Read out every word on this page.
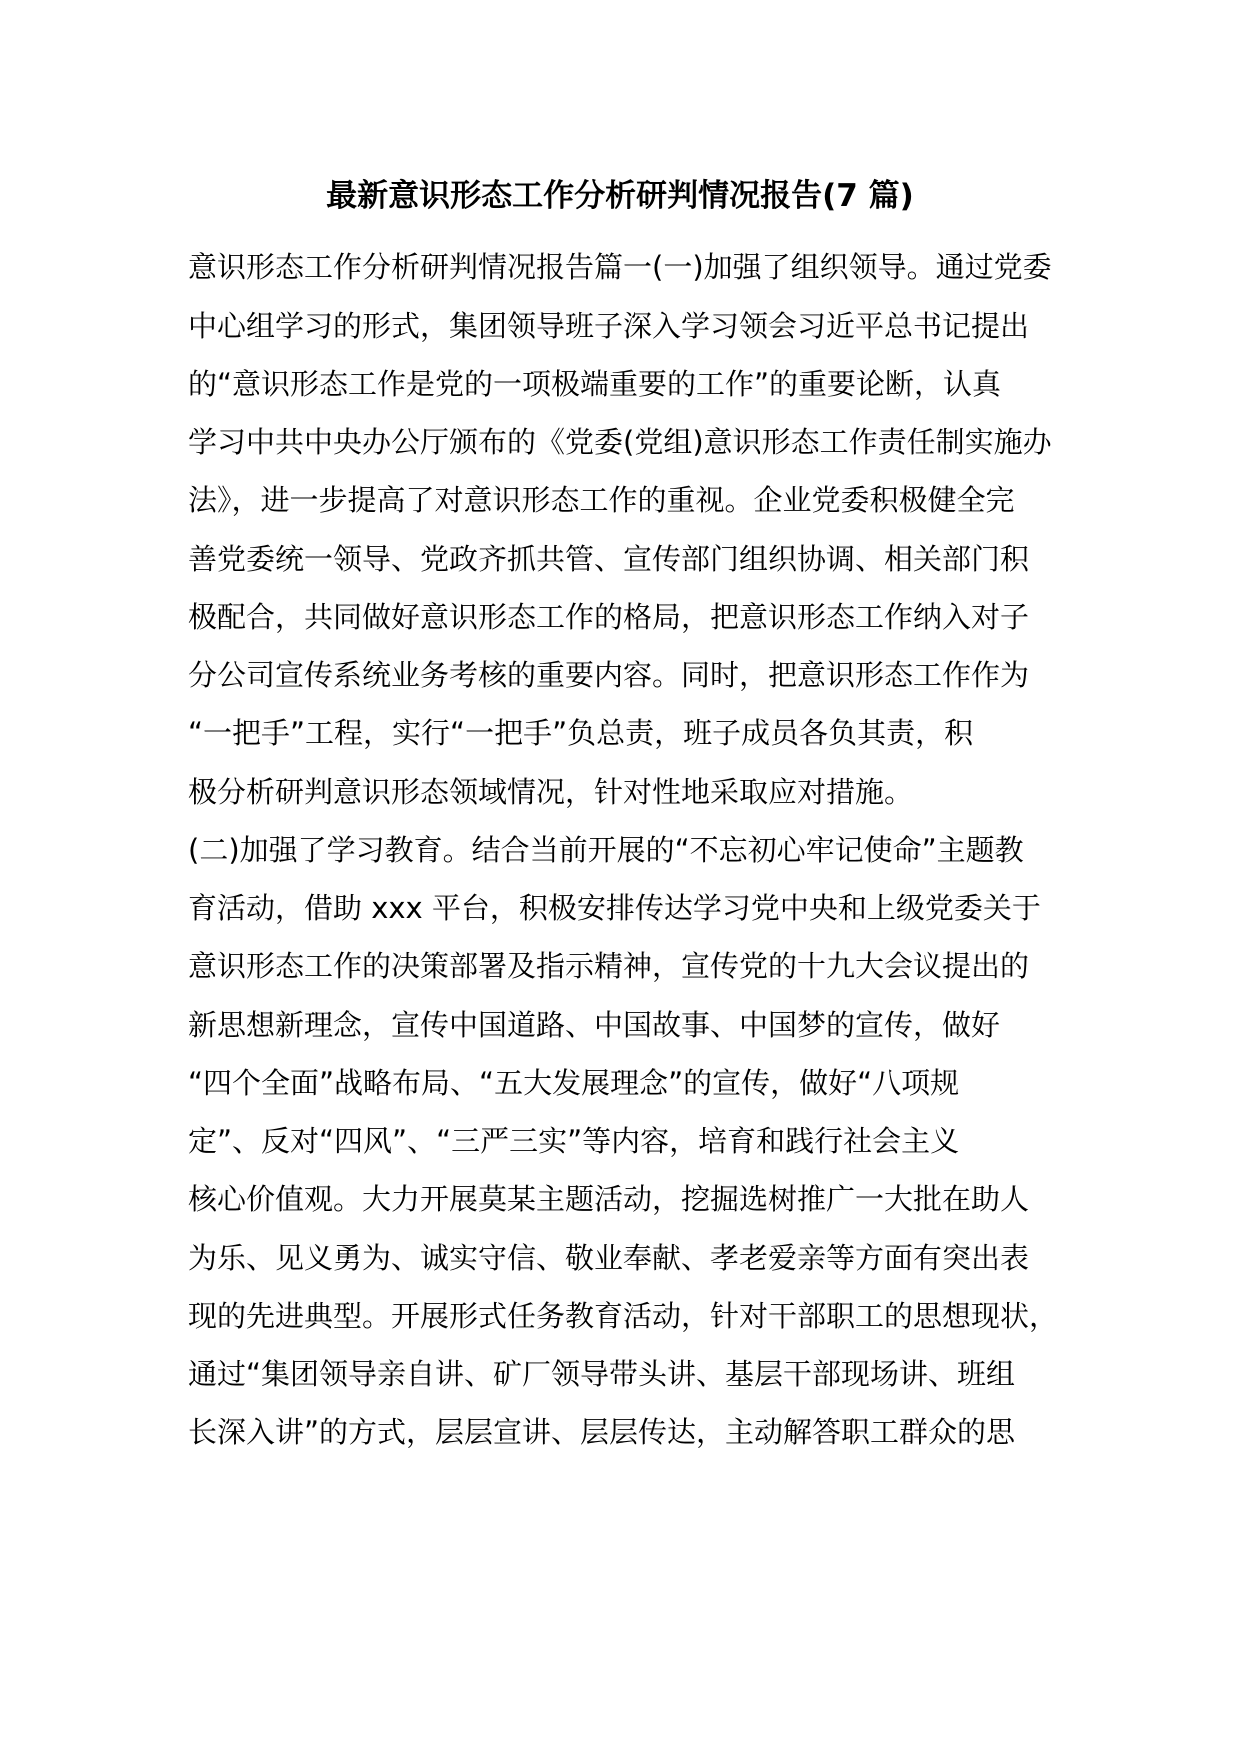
最新意识形态工作分析研判情况报告(7 篇)
意识形态工作分析研判情况报告篇一(一)加强了组织领导。通过党委
中心组学习的形式，集团领导班子深入学习领会习近平总书记提出
的“意识形态工作是党的一项极端重要的工作”的重要论断，认真
学习中共中央办公厅颁布的《党委(党组)意识形态工作责任制实施办
法》，进一步提高了对意识形态工作的重视。企业党委积极健全完
善党委统一领导、党政齐抓共管、宣传部门组织协调、相关部门积
极配合，共同做好意识形态工作的格局，把意识形态工作纳入对子
分公司宣传系统业务考核的重要内容。同时，把意识形态工作作为
“一把手”工程，实行“一把手”负总责，班子成员各负其责，积
极分析研判意识形态领域情况，针对性地采取应对措施。
(二)加强了学习教育。结合当前开展的“不忘初心牢记使命”主题教
育活动，借助 xxx 平台，积极安排传达学习党中央和上级党委关于
意识形态工作的决策部署及指示精神，宣传党的十九大会议提出的
新思想新理念，宣传中国道路、中国故事、中国梦的宣传，做好
“四个全面”战略布局、“五大发展理念”的宣传，做好“八项规
定”、反对“四风”、“三严三实”等内容，培育和践行社会主义
核心价值观。大力开展莫某主题活动，挖掘选树推广一大批在助人
为乐、见义勇为、诚实守信、敬业奉献、孝老爱亲等方面有突出表
现的先进典型。开展形式任务教育活动，针对干部职工的思想现状，
通过“集团领导亲自讲、矿厂领导带头讲、基层干部现场讲、班组
长深入讲”的方式，层层宣讲、层层传达，主动解答职工群众的思
